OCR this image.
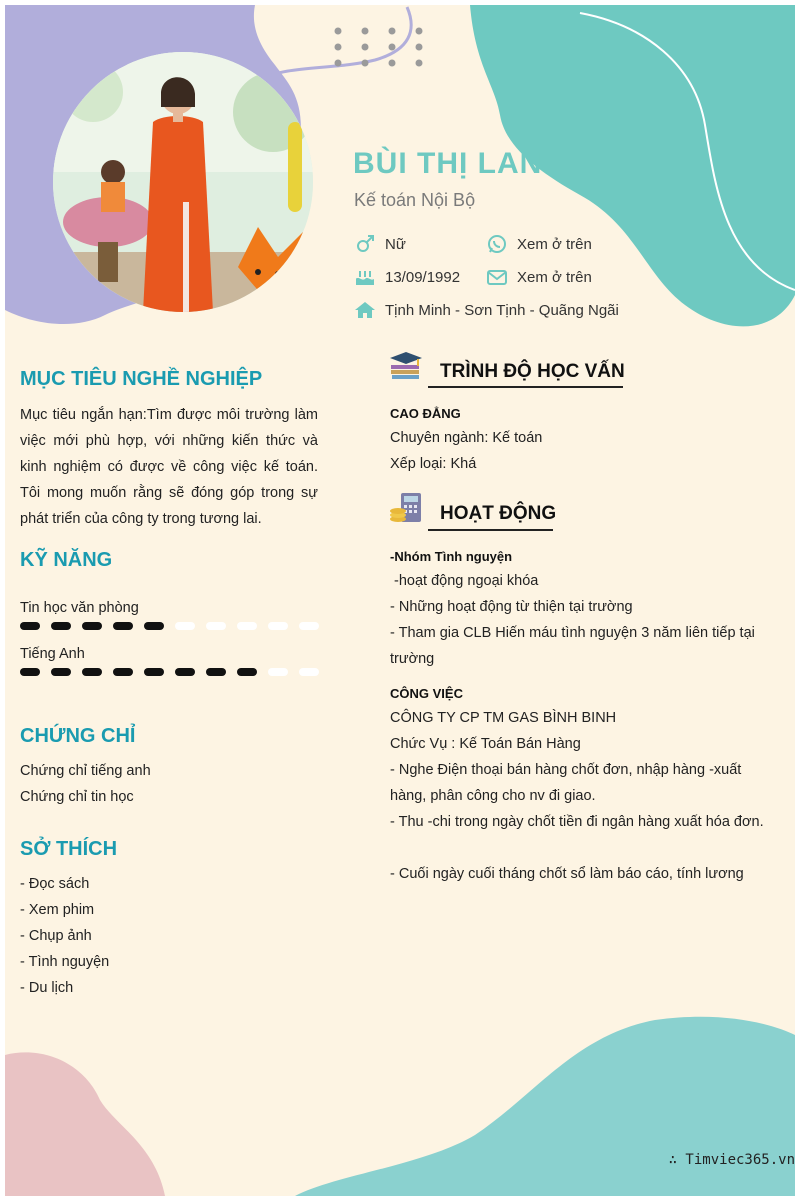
BÙI THỊ LAN
Kế toán Nội Bộ
Nữ	Xem ở trên
13/09/1992	Xem ở trên
Tịnh Minh - Sơn Tịnh - Quãng Ngãi
MỤC TIÊU NGHỀ NGHIỆP
Mục tiêu ngắn hạn:Tìm được môi trường làm việc mới phù hợp, với những kiến thức và kinh nghiệm có được về công việc kế toán. Tôi mong muốn rằng sẽ đóng góp trong sự phát triển của công ty trong tương lai.
KỸ NĂNG
Tin học văn phòng
Tiếng Anh
CHỨNG CHỈ
Chứng chỉ tiếng anh
Chứng chỉ tin học
SỞ THÍCH
- Đọc sách
- Xem phim
- Chụp ảnh
- Tình nguyện
- Du lịch
TRÌNH ĐỘ HỌC VẤN
CAO ĐẲNG
Chuyên ngành: Kế toán
Xếp loại: Khá
HOẠT ĐỘNG
-Nhóm Tình nguyện
-hoạt động ngoại khóa
- Những hoạt động từ thiện tại trường
- Tham gia CLB Hiến máu tình nguyện 3 năm liên tiếp tại trường
CÔNG VIỆC
CÔNG TY CP TM GAS BÌNH BINH
Chức Vụ : Kế Toán Bán Hàng
- Nghe Điện thoại bán hàng chốt đơn, nhập hàng -xuất hàng, phân công cho nv đi giao.
- Thu -chi trong ngày chốt tiền đi ngân hàng xuất hóa đơn.
- Cuối ngày cuối tháng chốt sổ làm báo cáo, tính lương
∴ Timviec365.vn
